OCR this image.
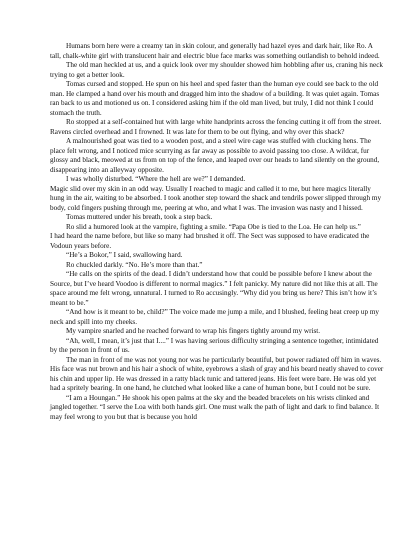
Humans born here were a creamy tan in skin colour, and generally had hazel eyes and dark hair, like Ro. A tall, chalk-white girl with translucent hair and electric blue face marks was something outlandish to behold indeed.

The old man heckled at us, and a quick look over my shoulder showed him hobbling after us, craning his neck trying to get a better look.

Tomas cursed and stopped. He spun on his heel and sped faster than the human eye could see back to the old man. He clamped a hand over his mouth and dragged him into the shadow of a building. It was quiet again. Tomas ran back to us and motioned us on. I considered asking him if the old man lived, but truly, I did not think I could stomach the truth.

Ro stopped at a self-contained hut with large white handprints across the fencing cutting it off from the street. Ravens circled overhead and I frowned. It was late for them to be out flying, and why over this shack?

A malnourished goat was tied to a wooden post, and a steel wire cage was stuffed with clucking hens. The place felt wrong, and I noticed mice scurrying as far away as possible to avoid passing too close. A wildcat, fur glossy and black, meowed at us from on top of the fence, and leaped over our heads to land silently on the ground, disappearing into an alleyway opposite.

I was wholly disturbed. “Where the hell are we?” I demanded.

Magic slid over my skin in an odd way. Usually I reached to magic and called it to me, but here magics literally hung in the air, waiting to be absorbed. I took another step toward the shack and tendrils power slipped through my body, cold fingers pushing through me, peering at who, and what I was. The invasion was nasty and I hissed.

Tomas muttered under his breath, took a step back.

Ro slid a humored look at the vampire, fighting a smile. “Papa Obe is tied to the Loa. He can help us.”

I had heard the name before, but like so many had brushed it off. The Sect was supposed to have eradicated the Vodoun years before.

“He’s a Bokor,” I said, swallowing hard.

Ro chuckled darkly. “No. He’s more than that.”

“He calls on the spirits of the dead. I didn’t understand how that could be possible before I knew about the Source, but I’ve heard Voodoo is different to normal magics.” I felt panicky. My nature did not like this at all. The space around me felt wrong, unnatural. I turned to Ro accusingly. “Why did you bring us here? This isn’t how it’s meant to be.”

“And how is it meant to be, child?” The voice made me jump a mile, and I blushed, feeling heat creep up my neck and spill into my cheeks.

My vampire snarled and he reached forward to wrap his fingers tightly around my wrist.

“Ah, well, I mean, it’s just that I....” I was having serious difficulty stringing a sentence together, intimidated by the person in front of us.

The man in front of me was not young nor was he particularly beautiful, but power radiated off him in waves. His face was nut brown and his hair a shock of white, eyebrows a slash of gray and his beard neatly shaved to cover his chin and upper lip. He was dressed in a ratty black tunic and tattered jeans. His feet were bare. He was old yet had a spritely bearing. In one hand, he clutched what looked like a cane of human bone, but I could not be sure.

“I am a Houngan.” He shook his open palms at the sky and the beaded bracelets on his wrists clinked and jangled together. “I serve the Loa with both hands girl. One must walk the path of light and dark to find balance. It may feel wrong to you but that is because you hold
